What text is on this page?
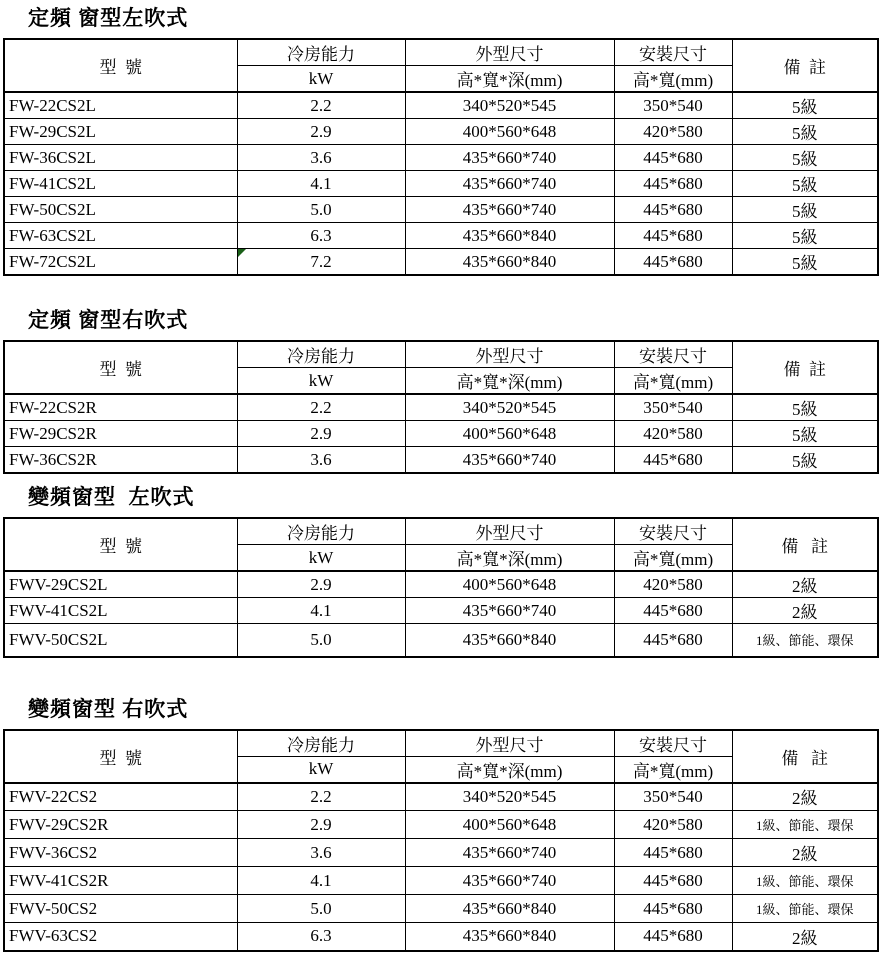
定頻 窗型左吹式
型  號	冷房能力	外型尺寸	安裝尺寸	備  註
	kW	高*寬*深(mm)	高*寬(mm)	
FW-22CS2L	2.2	340*520*545	350*540	5級
FW-29CS2L	2.9	400*560*648	420*580	5級
FW-36CS2L	3.6	435*660*740	445*680	5級
FW-41CS2L	4.1	435*660*740	445*680	5級
FW-50CS2L	5.0	435*660*740	445*680	5級
FW-63CS2L	6.3	435*660*840	445*680	5級
FW-72CS2L	7.2	435*660*840	445*680	5級
定頻 窗型右吹式
型  號	冷房能力	外型尺寸	安裝尺寸	備  註
	kW	高*寬*深(mm)	高*寬(mm)	
FW-22CS2R	2.2	340*520*545	350*540	5級
FW-29CS2R	2.9	400*560*648	420*580	5級
FW-36CS2R	3.6	435*660*740	445*680	5級
變頻窗型  左吹式
型  號	冷房能力	外型尺寸	安裝尺寸	備   註
	kW	高*寬*深(mm)	高*寬(mm)	
FWV-29CS2L	2.9	400*560*648	420*580	2級
FWV-41CS2L	4.1	435*660*740	445*680	2級
FWV-50CS2L	5.0	435*660*840	445*680	1級、節能、環保
變頻窗型 右吹式
型  號	冷房能力	外型尺寸	安裝尺寸	備   註
	kW	高*寬*深(mm)	高*寬(mm)	
FWV-22CS2	2.2	340*520*545	350*540	2級
FWV-29CS2R	2.9	400*560*648	420*580	1級、節能、環保
FWV-36CS2	3.6	435*660*740	445*680	2級
FWV-41CS2R	4.1	435*660*740	445*680	1級、節能、環保
FWV-50CS2	5.0	435*660*840	445*680	1級、節能、環保
FWV-63CS2	6.3	435*660*840	445*680	2級
